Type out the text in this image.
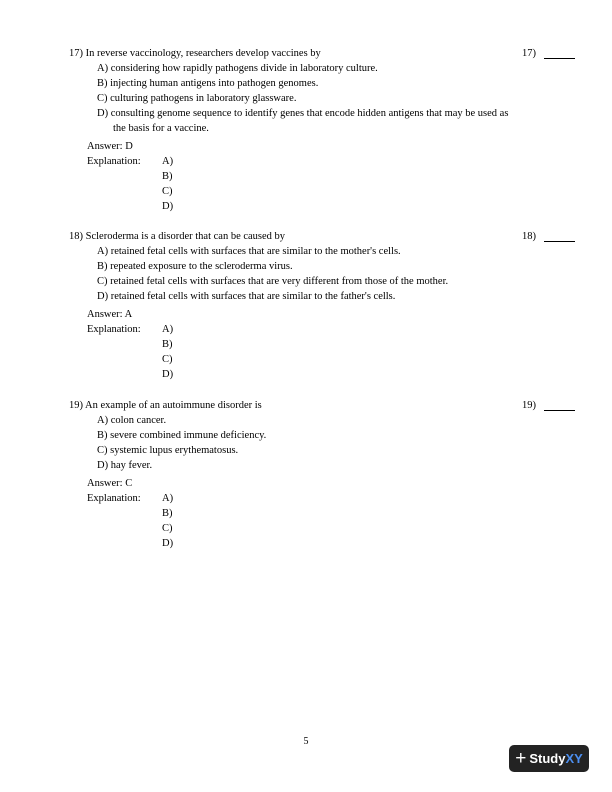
17) In reverse vaccinology, researchers develop vaccines by	17)
A) considering how rapidly pathogens divide in laboratory culture.
B) injecting human antigens into pathogen genomes.
C) culturing pathogens in laboratory glassware.
D) consulting genome sequence to identify genes that encode hidden antigens that may be used as the basis for a vaccine.
Answer: D
Explanation: A)
B)
C)
D)
18) Scleroderma is a disorder that can be caused by	18)
A) retained fetal cells with surfaces that are similar to the mother's cells.
B) repeated exposure to the scleroderma virus.
C) retained fetal cells with surfaces that are very different from those of the mother.
D) retained fetal cells with surfaces that are similar to the father's cells.
Answer: A
Explanation: A)
B)
C)
D)
19) An example of an autoimmune disorder is	19)
A) colon cancer.
B) severe combined immune deficiency.
C) systemic lupus erythematosus.
D) hay fever.
Answer: C
Explanation: A)
B)
C)
D)
5
+ Study XY
